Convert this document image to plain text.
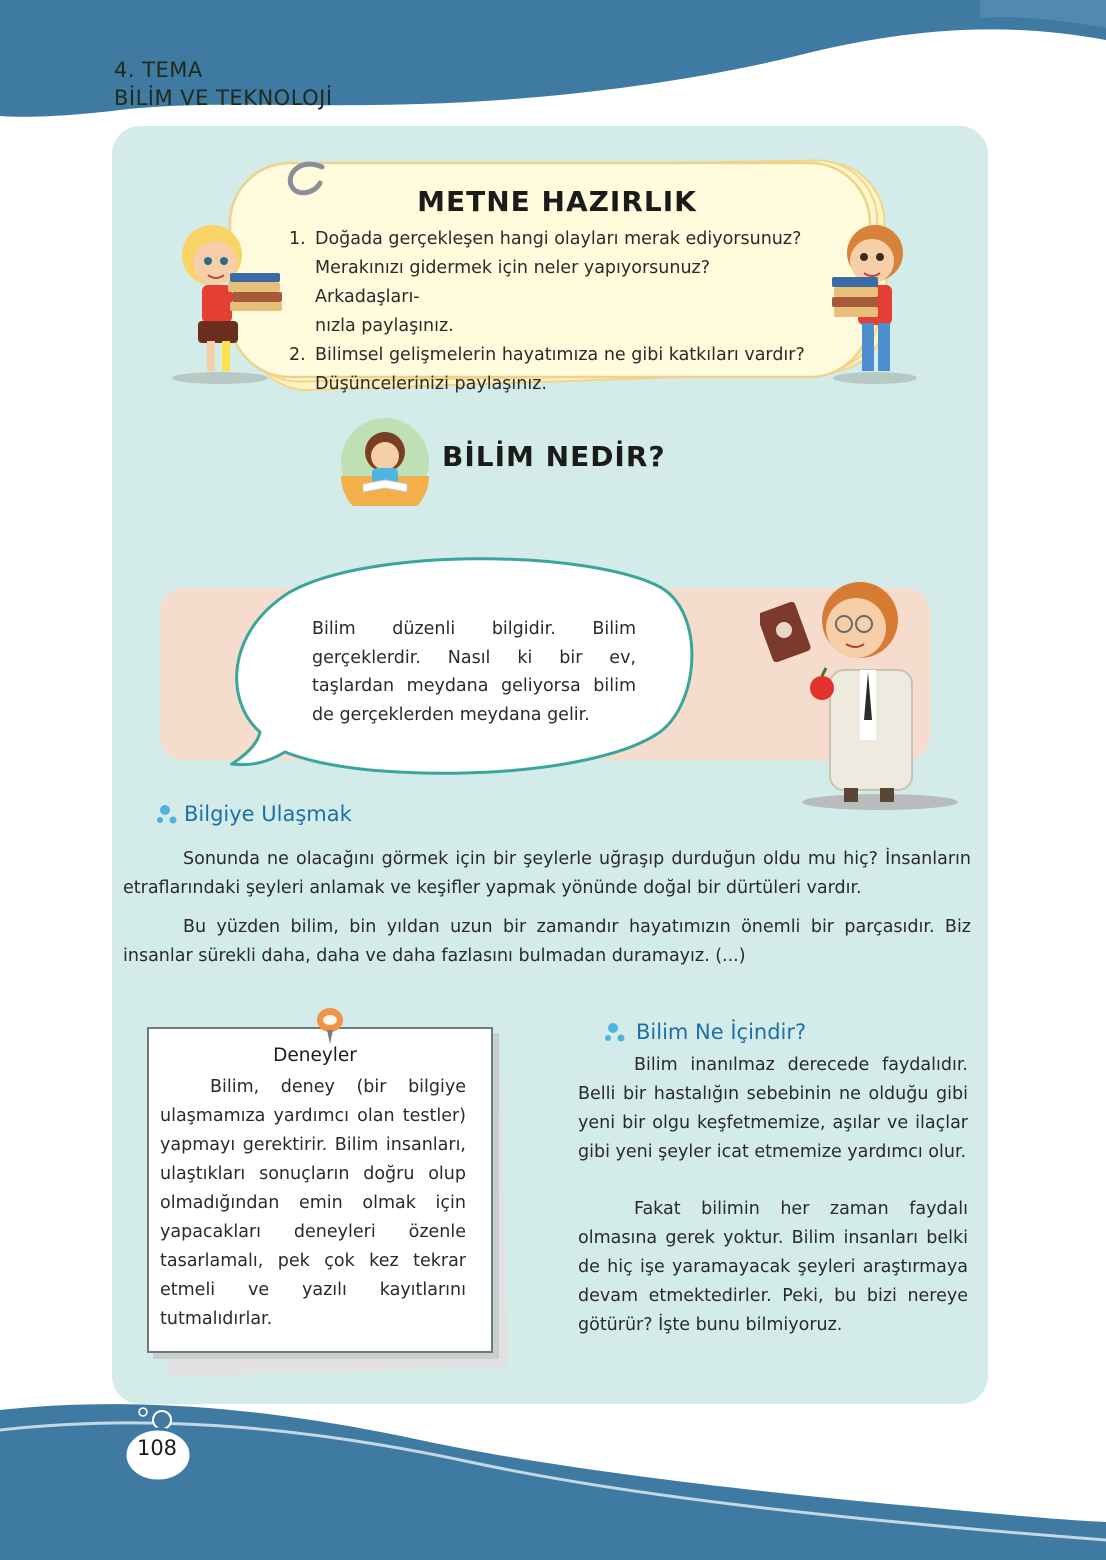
4. TEMA
BİLİM VE TEKNOLOJİ
METNE HAZIRLIK
1. Doğada gerçekleşen hangi olayları merak ediyorsunuz?
Merakınızı gidermek için neler yapıyorsunuz? Arkadaşları-
nızla paylaşınız.
2. Bilimsel gelişmelerin hayatımıza ne gibi katkıları vardır?
Düşüncelerinizi paylaşınız.
BİLİM NEDİR?
Bilim düzenli bilgidir. Bilim gerçeklerdir. Nasıl ki bir ev, taşlardan meydana geliyorsa bilim de gerçeklerden meydana gelir.
Bilgiye Ulaşmak
Sonunda ne olacağını görmek için bir şeylerle uğraşıp durduğun oldu mu hiç? İnsanların etraflarındaki şeyleri anlamak ve keşifler yapmak yönünde doğal bir dürtüleri vardır.
Bu yüzden bilim, bin yıldan uzun bir zamandır hayatımızın önemli bir parçasıdır. Biz insanlar sürekli daha, daha ve daha fazlasını bulmadan duramayız. (...)
Deneyler
Bilim, deney (bir bilgiye ulaşmamıza yardımcı olan testler) yapmayı gerektirir. Bilim insanları, ulaştıkları sonuçların doğru olup olmadığından emin olmak için yapacakları deneyleri özenle tasarlamalı, pek çok kez tekrar etmeli ve yazılı kayıtlarını tutmalıdırlar.
Bilim Ne İçindir?
Bilim inanılmaz derecede faydalıdır. Belli bir hastalığın sebebinin ne olduğu gibi yeni bir olgu keşfetmemize, aşılar ve ilaçlar gibi yeni şeyler icat etmemize yardımcı olur.
Fakat bilimin her zaman faydalı olmasına gerek yoktur. Bilim insanları belki de hiç işe yaramayacak şeyleri araştırmaya devam etmektedirler. Peki, bu bizi nereye götürür? İşte bunu bilmiyoruz.
108
